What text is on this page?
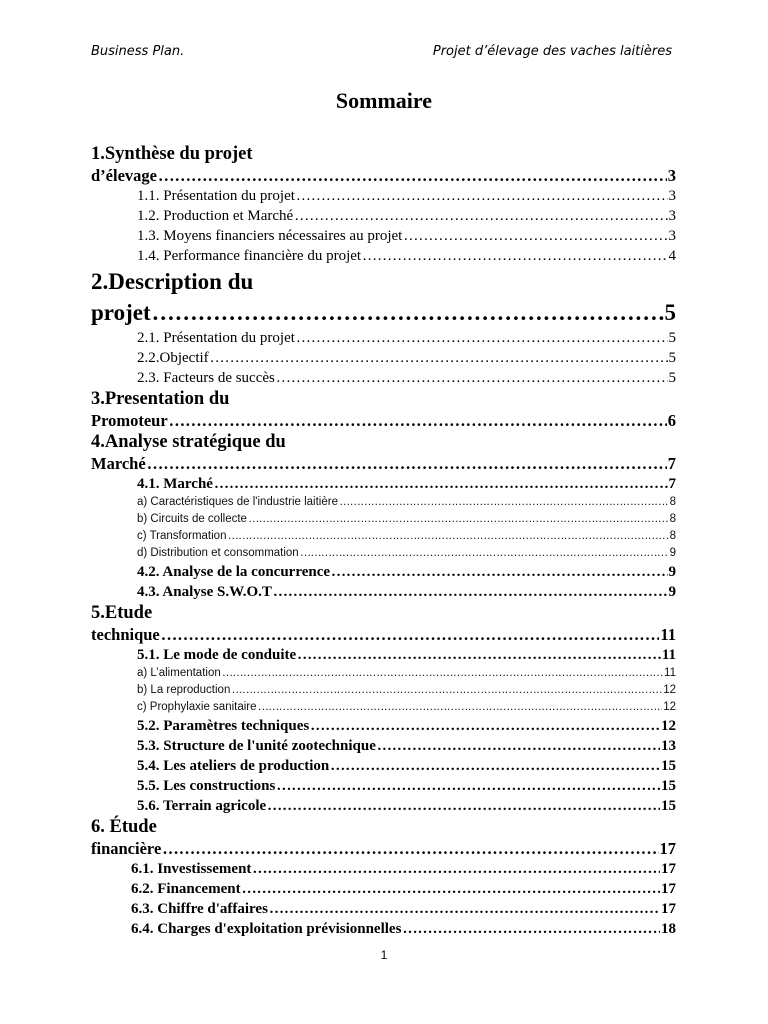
Business Plan.	Projet d’élevage des vaches laitières
Sommaire
1.Synthèse du projet
d’élevage …………………………………………………………………………………………………………………………………………………………………………………………………………	3
1.1. Présentation du projet …………………………………………………………………………………………………………………………………………………………………………………………………………	3
1.2. Production et Marché …………………………………………………………………………………………………………………………………………………………………………………………………………	3
1.3. Moyens financiers nécessaires au projet …………………………………………………………………………………………………………………………………………………………………………………………………………	3
1.4. Performance financière du projet …………………………………………………………………………………………………………………………………………………………………………………………………………	4
2.Description du
projet …………………………………………………………………………………………………………………………………………………………………………………………………………	5
2.1. Présentation du projet …………………………………………………………………………………………………………………………………………………………………………………………………………	5
2.2.Objectif …………………………………………………………………………………………………………………………………………………………………………………………………………	5
2.3. Facteurs de succès …………………………………………………………………………………………………………………………………………………………………………………………………………	5
3.Presentation du
Promoteur …………………………………………………………………………………………………………………………………………………………………………………………………………	6
4.Analyse stratégique du
Marché …………………………………………………………………………………………………………………………………………………………………………………………………………	7
4.1. Marché …………………………………………………………………………………………………………………………………………………………………………………………………………	7
a) Caractéristiques de l'industrie laitière …………………………………………………………………………………………………………………………………………………………………………………………………………	8
b) Circuits de collecte …………………………………………………………………………………………………………………………………………………………………………………………………………	8
c) Transformation …………………………………………………………………………………………………………………………………………………………………………………………………………	8
d) Distribution et consommation …………………………………………………………………………………………………………………………………………………………………………………………………………	9
4.2. Analyse de la concurrence …………………………………………………………………………………………………………………………………………………………………………………………………………	9
4.3. Analyse S.W.O.T …………………………………………………………………………………………………………………………………………………………………………………………………………	9
5.Etude
technique …………………………………………………………………………………………………………………………………………………………………………………………………………	11
5.1. Le mode de conduite …………………………………………………………………………………………………………………………………………………………………………………………………………	11
a) L’alimentation …………………………………………………………………………………………………………………………………………………………………………………………………………	11
b) La reproduction …………………………………………………………………………………………………………………………………………………………………………………………………………	12
c) Prophylaxie sanitaire …………………………………………………………………………………………………………………………………………………………………………………………………………	12
5.2. Paramètres techniques …………………………………………………………………………………………………………………………………………………………………………………………………………	12
5.3. Structure de l'unité zootechnique …………………………………………………………………………………………………………………………………………………………………………………………………………	13
5.4. Les ateliers de production …………………………………………………………………………………………………………………………………………………………………………………………………………	15
5.5. Les constructions …………………………………………………………………………………………………………………………………………………………………………………………………………	15
5.6. Terrain agricole …………………………………………………………………………………………………………………………………………………………………………………………………………	15
6. Étude
financière …………………………………………………………………………………………………………………………………………………………………………………………………………	17
6.1. Investissement …………………………………………………………………………………………………………………………………………………………………………………………………………	17
6.2. Financement …………………………………………………………………………………………………………………………………………………………………………………………………………	17
6.3. Chiffre d'affaires …………………………………………………………………………………………………………………………………………………………………………………………………………	17
6.4. Charges d'exploitation prévisionnelles …………………………………………………………………………………………………………………………………………………………………………………………………………	18
1
